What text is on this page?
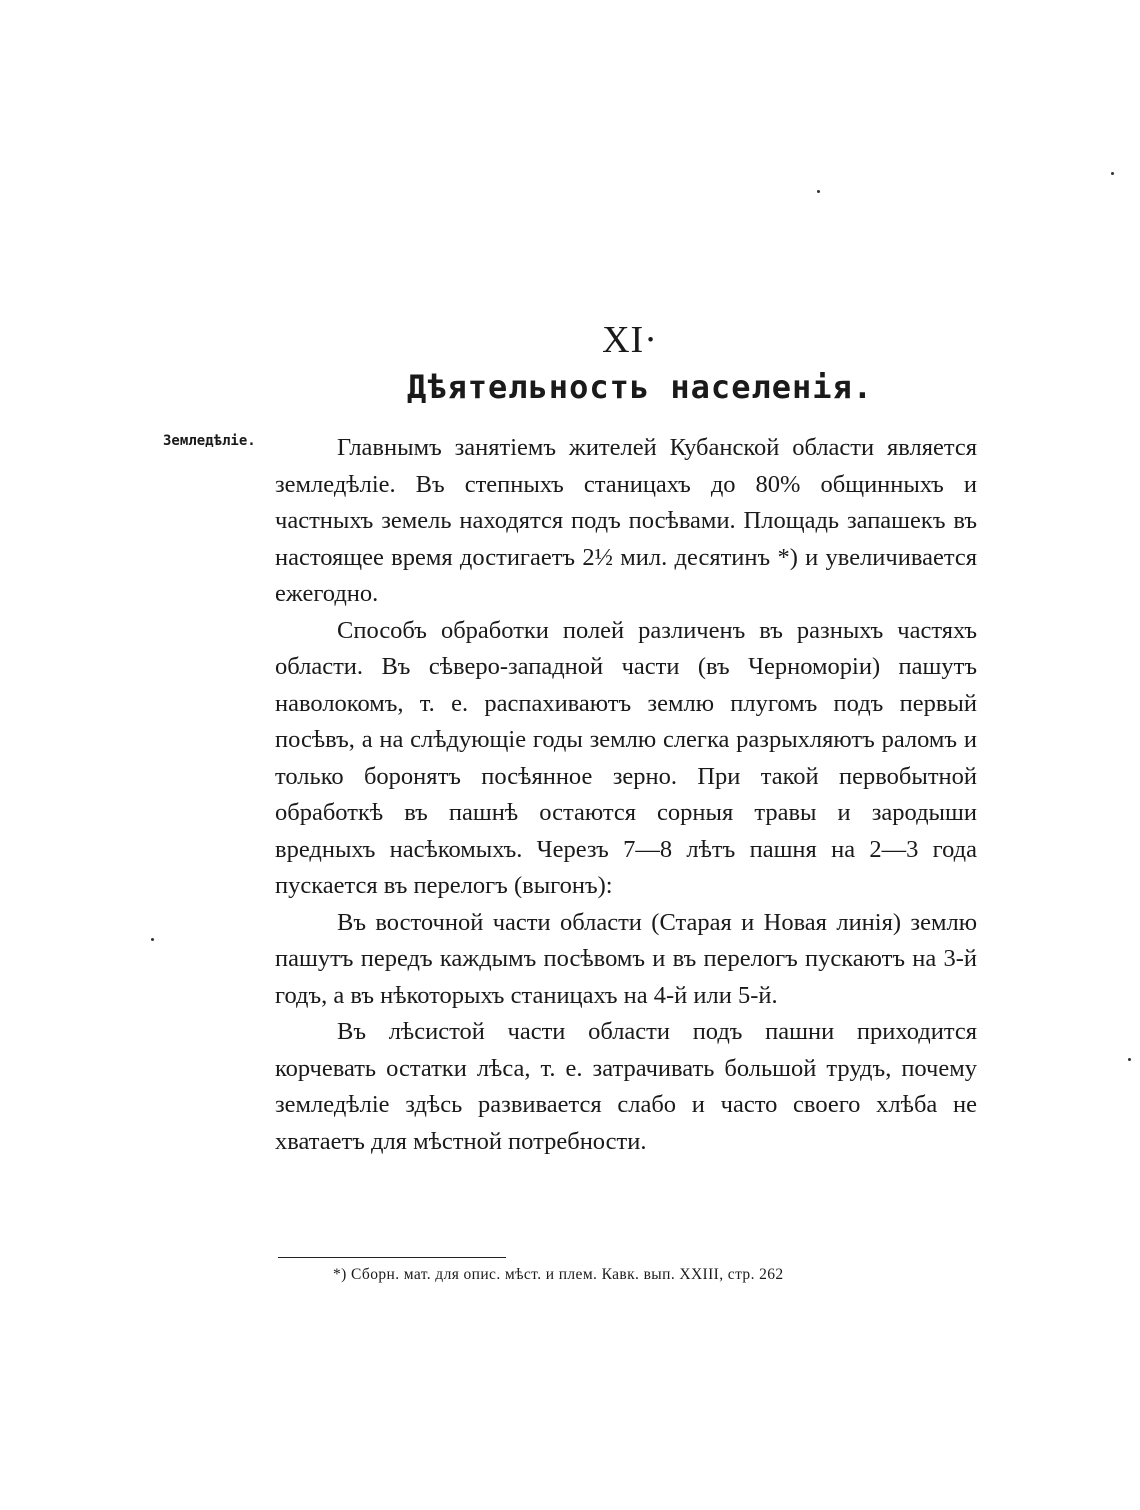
XI·
Дѣятельность населенія.
Земледѣліе.	Главнымъ занятіемъ жителей Кубанской области является земледѣліе. Въ степныхъ станицахъ до 80% общинныхъ и частныхъ земель находятся подъ посѣвами. Площадь запашекъ въ настоящее время достигаетъ 2½ мил. десятинъ *) и увеличивается ежегодно.

Способъ обработки полей различенъ въ разныхъ частяхъ области. Въ сѣверо-западной части (въ Черноморіи) пашутъ наволокомъ, т. е. распахиваютъ землю плугомъ подъ первый посѣвъ, а на слѣдующіе годы землю слегка разрыхляютъ раломъ и только боронятъ посѣянное зерно. При такой первобытной обработкѣ въ пашнѣ остаются сорныя травы и зародыши вредныхъ насѣкомыхъ. Черезъ 7—8 лѣтъ пашня на 2—3 года пускается въ перелогъ (выгонъ):

Въ восточной части области (Старая и Новая линія) землю пашутъ передъ каждымъ посѣвомъ и въ перелогъ пускаютъ на 3-й годъ, а въ нѣкоторыхъ станицахъ на 4-й или 5-й.

Въ лѣсистой части области подъ пашни приходится корчевать остатки лѣса, т. е. затрачивать большой трудъ, почему земледѣліе здѣсь развивается слабо и часто своего хлѣба не хватаетъ для мѣстной потребности.

*) Сборн. мат. для опис. мѣст. и плем. Кавк. вып. XXIII, стр. 262
